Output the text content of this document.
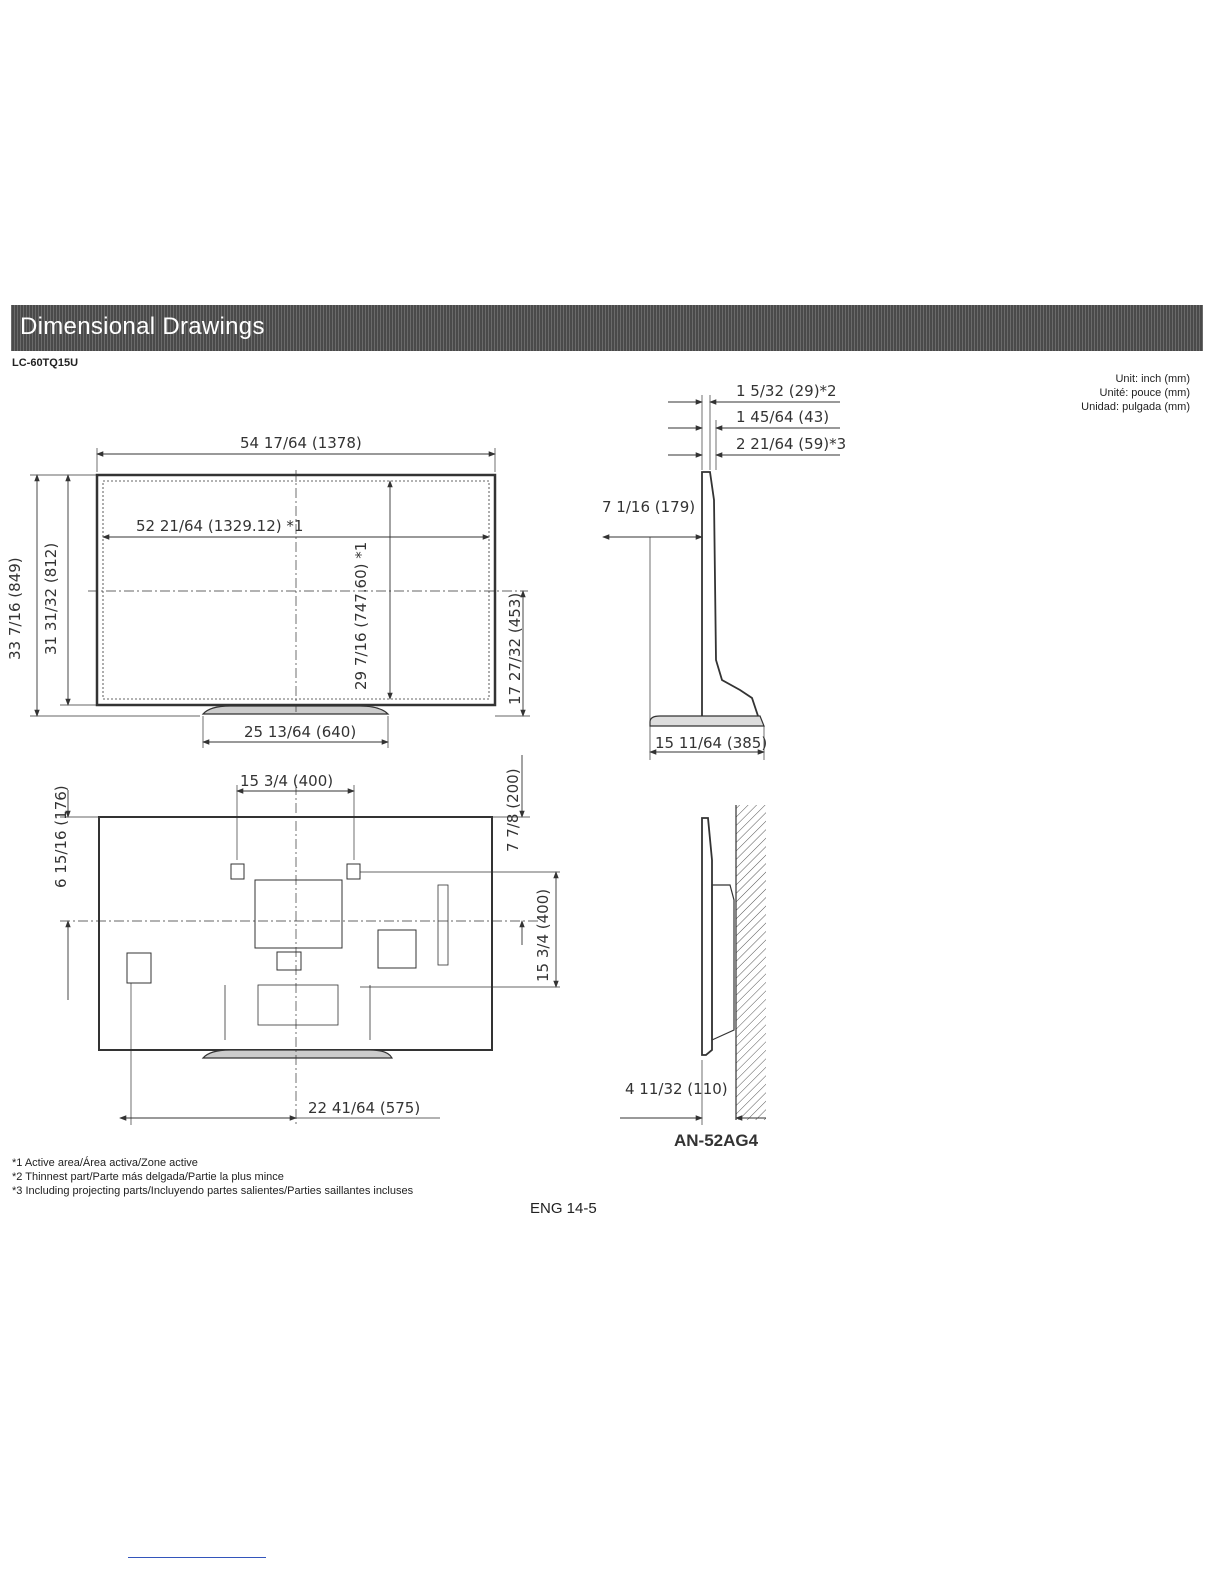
Dimensional Drawings
LC-60TQ15U
Unit: inch (mm)
Unité: pouce (mm)
Unidad: pulgada (mm)
54 17/64 (1378)
52 21/64 (1329.12) *1
33 7/16 (849) 31 31/32 (812)	17 27/32 (453)
29 7/16 (747.60) *1
25 13/64 (640)
1 5/32 (29)*2
1 45/64 (43)
2 21/64 (59)*3
7 1/16 (179)
15 11/64 (385)
15 3/4 (400)	7 7/8 (200)
6 15/16 (176)
15 3/4 (400)
22 41/64 (575)
4 11/32 (110)
AN-52AG4
*1 Active area/Área activa/Zone active
*2 Thinnest part/Parte más delgada/Partie la plus mince
*3 Including projecting parts/Incluyendo partes salientes/Parties saillantes incluses
ENG 14-5
